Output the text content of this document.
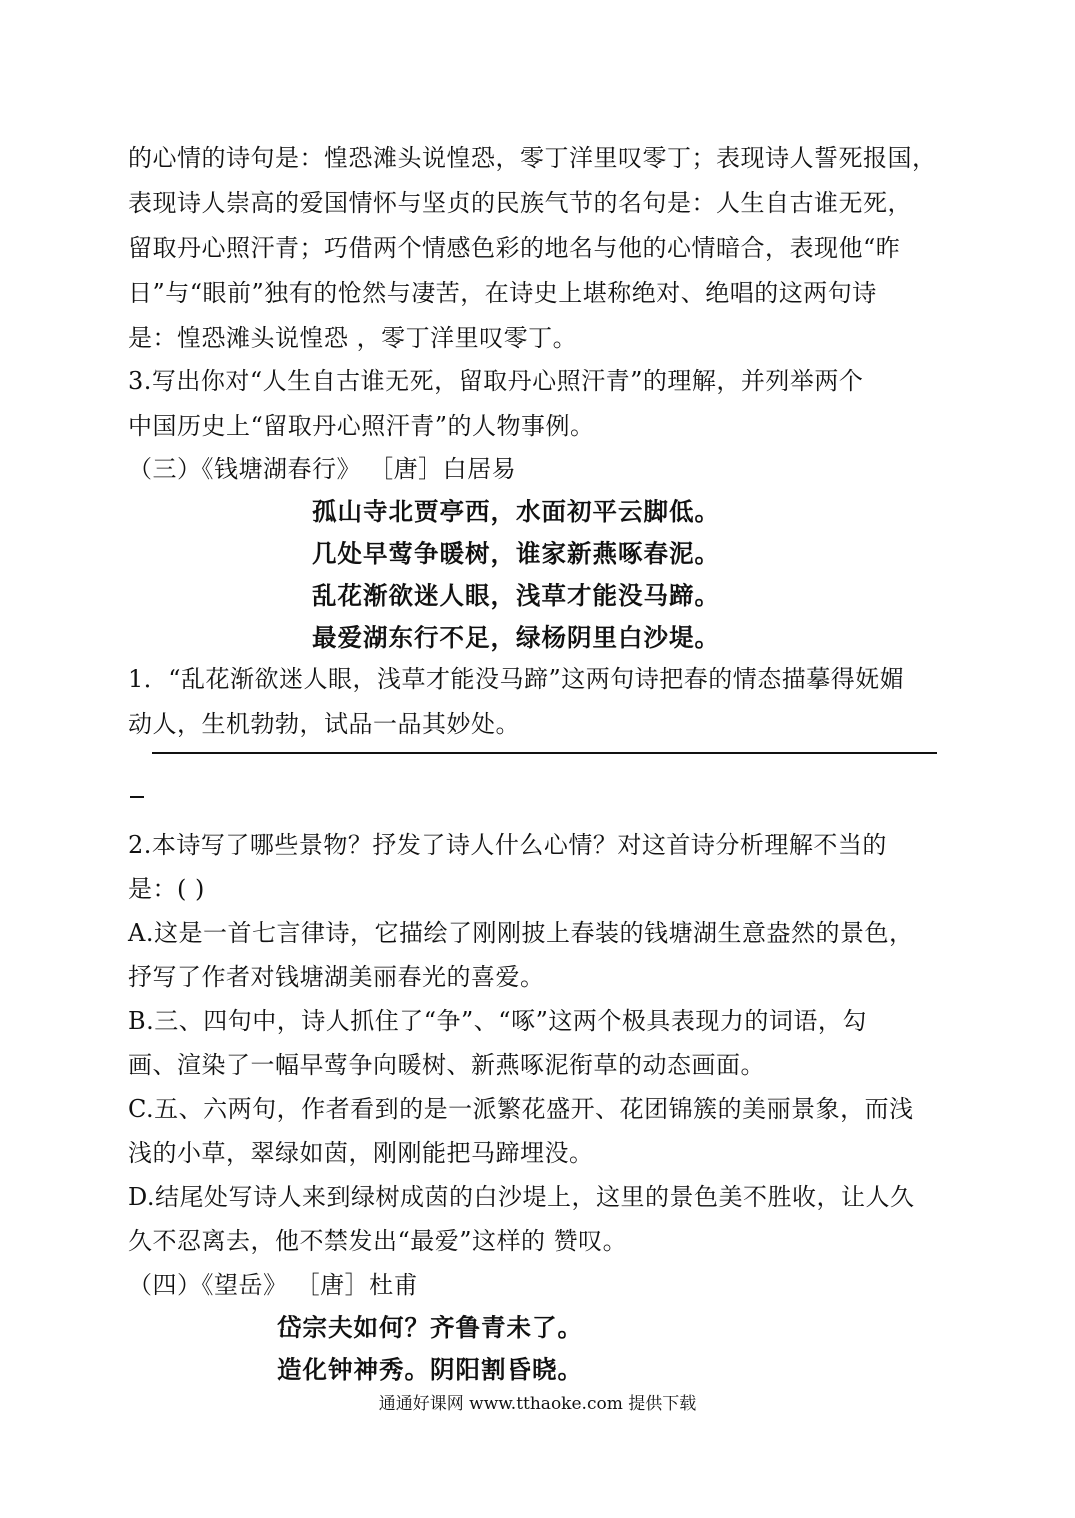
的心情的诗句是：惶恐滩头说惶恐，零丁洋里叹零丁；表现诗人誓死报国，
表现诗人崇高的爱国情怀与坚贞的民族气节的名句是：人生自古谁无死，
留取丹心照汗青；巧借两个情感色彩的地名与他的心情暗合，表现他“昨
日”与“眼前”独有的怆然与凄苦，在诗史上堪称绝对、绝唱的这两句诗
是：惶恐滩头说惶恐 ，零丁洋里叹零丁。
3.写出你对“人生自古谁无死，留取丹心照汗青”的理解，并列举两个
中国历史上“留取丹心照汗青”的人物事例。
（三）《钱塘湖春行》 ［唐］白居易
孤山寺北贾亭西，水面初平云脚低。
几处早莺争暖树，谁家新燕啄春泥。
乱花渐欲迷人眼，浅草才能没马蹄。
最爱湖东行不足，绿杨阴里白沙堤。
1．“乱花渐欲迷人眼，浅草才能没马蹄”这两句诗把春的情态描摹得妩媚
动人，生机勃勃，试品一品其妙处。
2.本诗写了哪些景物？抒发了诗人什么心情？对这首诗分析理解不当的
是：( )
A.这是一首七言律诗，它描绘了刚刚披上春装的钱塘湖生意盎然的景色，
抒写了作者对钱塘湖美丽春光的喜爱。
B.三、四句中，诗人抓住了“争”、“啄”这两个极具表现力的词语，勾
画、渲染了一幅早莺争向暖树、新燕啄泥衔草的动态画面。
C.五、六两句，作者看到的是一派繁花盛开、花团锦簇的美丽景象，而浅
浅的小草，翠绿如茵，刚刚能把马蹄埋没。
D.结尾处写诗人来到绿树成茵的白沙堤上，这里的景色美不胜收，让人久
久不忍离去，他不禁发出“最爱”这样的 赞叹。
（四）《望岳》 ［唐］杜甫
岱宗夫如何？齐鲁青未了。
造化钟神秀。阴阳割昏晓。
通通好课网 www.tthaoke.com 提供下载
